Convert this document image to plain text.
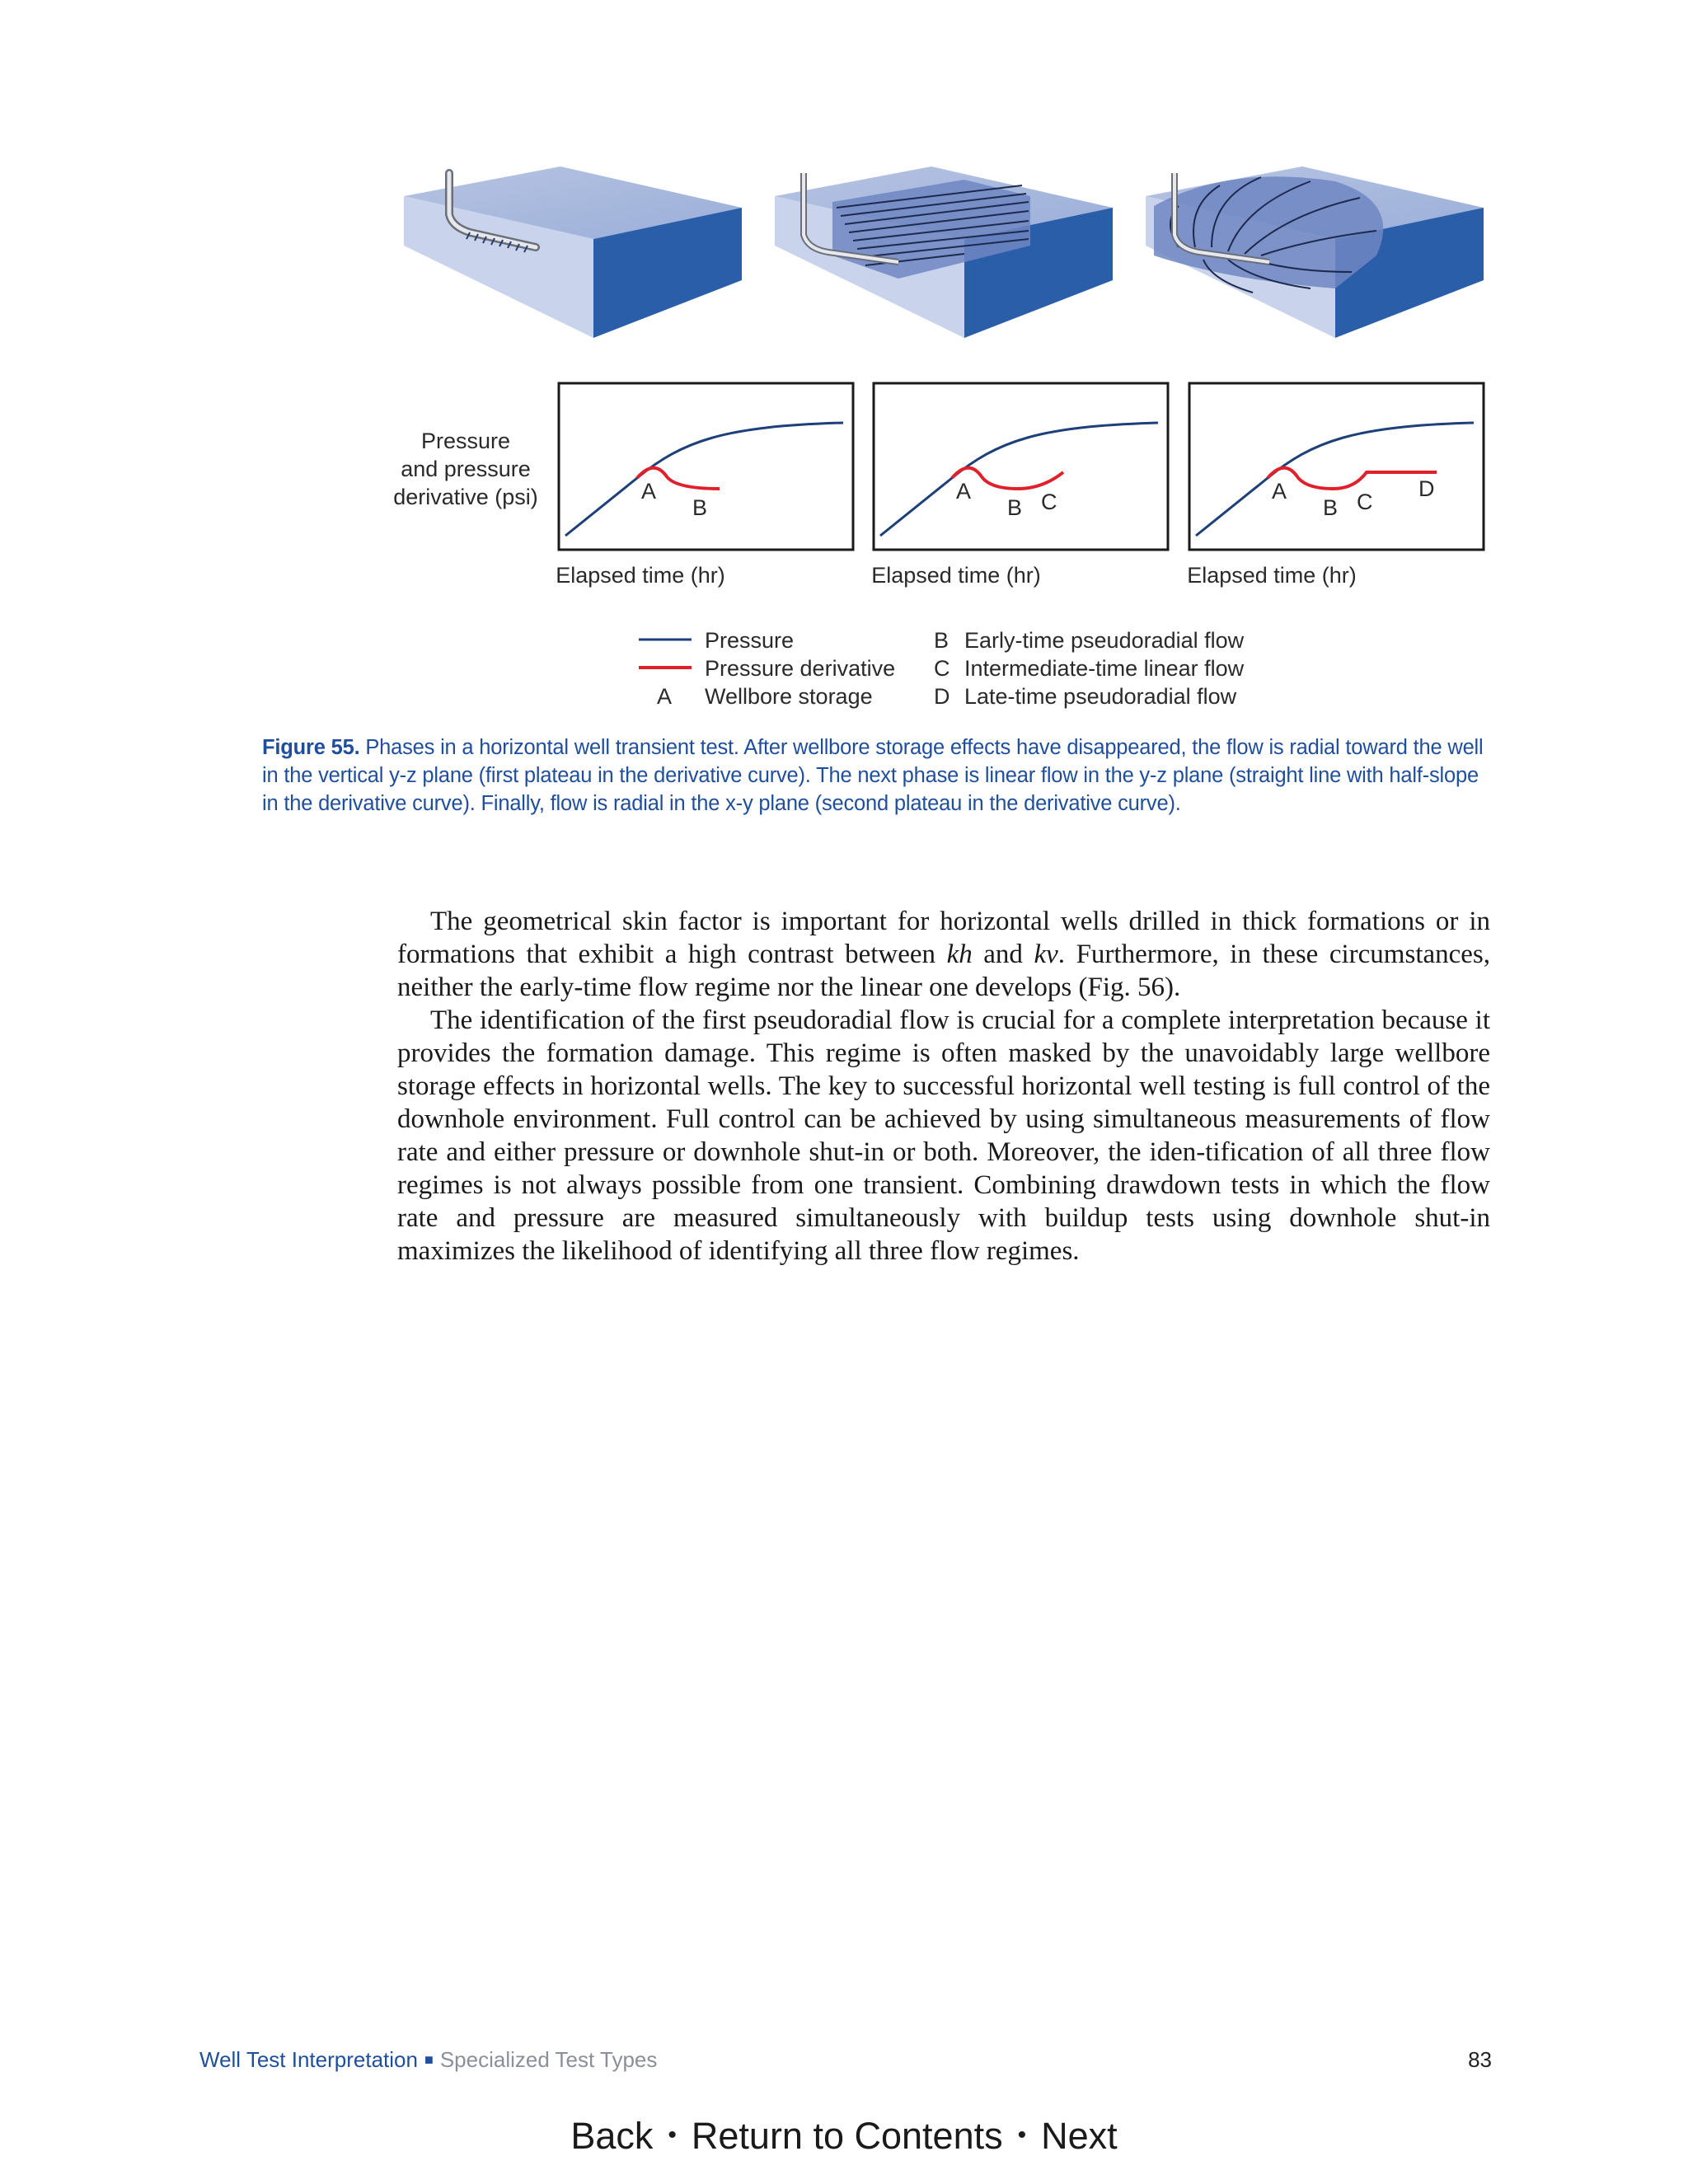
Pressure
and pressure
derivative (psi)	A
B
A
B C	A
B C
D
Elapsed time (hr)	Elapsed time (hr)	Elapsed time (hr)
Pressure
Pressure derivative
A Wellbore storage
B Early-time pseudoradial flow
C Intermediate-time linear flow
D Late-time pseudoradial flow
Figure 55. Phases in a horizontal well transient test. After wellbore storage effects have disappeared, the flow is radial toward the well in the vertical y-z plane (first plateau in the derivative curve). The next phase is linear flow in the y-z plane (straight line with half-slope in the derivative curve). Finally, flow is radial in the x-y plane (second plateau in the derivative curve).

The geometrical skin factor is important for horizontal wells drilled in thick formations or in formations that exhibit a high contrast between kh and kv. Furthermore, in these circumstances, neither the early-time flow regime nor the linear one develops (Fig. 56).

The identification of the first pseudoradial flow is crucial for a complete interpretation because it provides the formation damage. This regime is often masked by the unavoidably large wellbore storage effects in horizontal wells. The key to successful horizontal well testing is full control of the downhole environment. Full control can be achieved by using simultaneous measurements of flow rate and either pressure or downhole shut-in or both. Moreover, the iden-tification of all three flow regimes is not always possible from one transient. Combining drawdown tests in which the flow rate and pressure are measured simultaneously with buildup tests using downhole shut-in maximizes the likelihood of identifying all three flow regimes.

Well Test Interpretation ■ Specialized Test Types	83
Back • Return to Contents • Next
